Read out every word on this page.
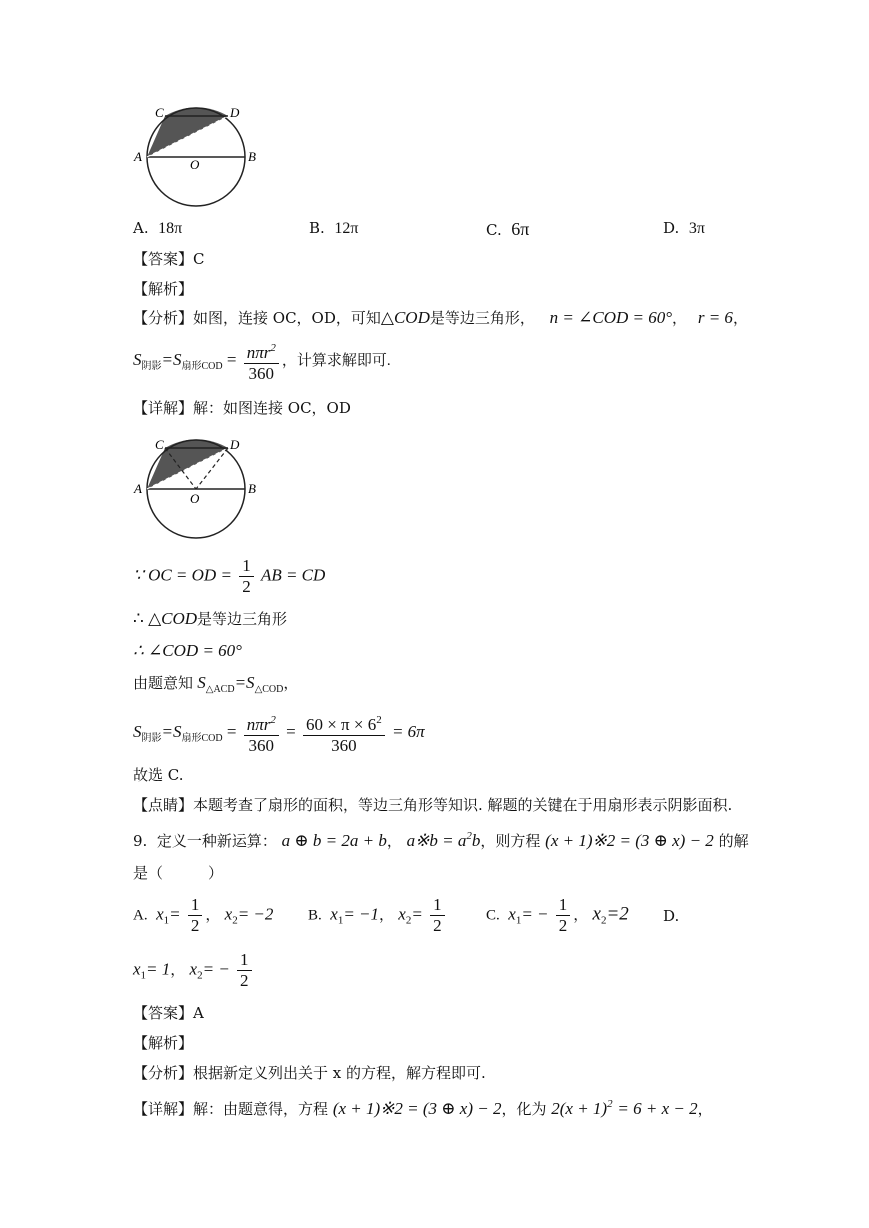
C	D
A
O
B
A. 18π	B. 12π	C. 6π	D. 3π
【答案】C
【解析】
【分析】如图，连接 OC，OD，可知△COD是等边三角形， n = ∠COD = 60°， r = 6，
$S_{阴影}=S_{扇形COD} = \frac{n\pi r^2}{360}$ ，计算求解即可.
【详解】解：如图连接 OC，OD
C	D
A
O
B
∵ OC = OD = $\frac{1}{2}$ AB = CD
∴ △COD是等边三角形
∴ ∠COD = 60°
由题意知 $S_{\triangle ACD}=S_{\triangle COD}$，
$S_{阴影}=S_{扇形COD} = \frac{n\pi r^2}{360} = \frac{60 \times \pi \times 6^2}{360} = 6\pi$
故选 C.
【点睛】本题考查了扇形的面积，等边三角形等知识. 解题的关键在于用扇形表示阴影面积.
9. 定义一种新运算： a ⊕ b = 2a + b， a※b = $a^2b$，则方程 (x + 1)※2 = (3 ⊕ x) − 2 的解
是（　　　）
A. $x_1= \frac{1}{2}$ ， $x_2= -2$ B. $x_1= -1$， $x_2= \frac{1}{2}$	C. $x_1= - \frac{1}{2}$ ， $x_2=2$ D.
$x_1= 1$， $x_2= - \frac{1}{2}$
【答案】A
【解析】
【分析】根据新定义列出关于 x 的方程，解方程即可.
【详解】解：由题意得，方程 (x + 1)※2 = (3 ⊕ x) − 2，化为 $2(x + 1)^2 = 6 + x - 2$，
